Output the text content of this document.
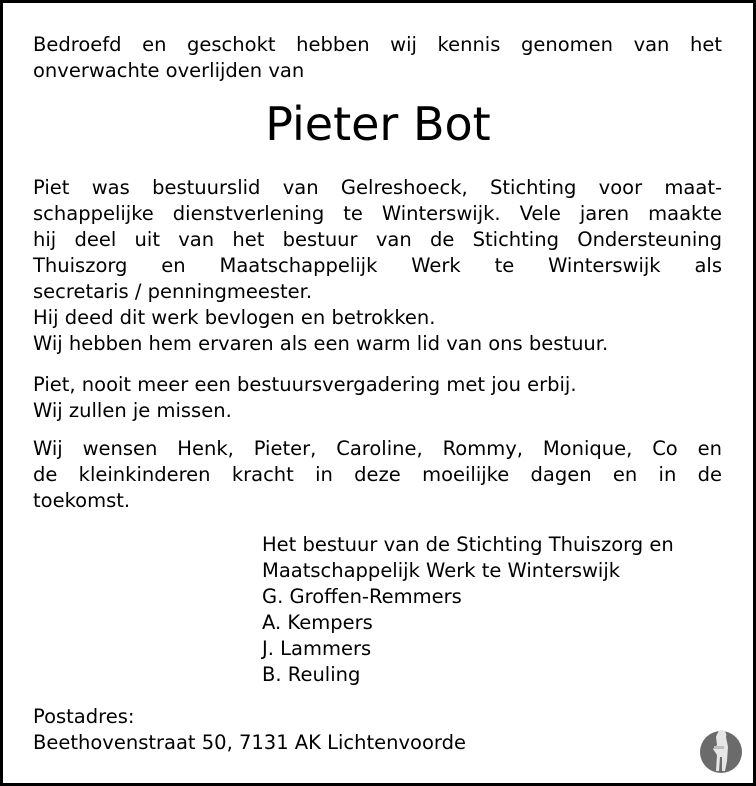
Bedroefd en geschokt hebben wij kennis genomen van het
onverwachte overlijden van
Pieter Bot
Piet was bestuurslid van Gelreshoeck, Stichting voor maat-
schappelijke dienstverlening te Winterswijk. Vele jaren maakte
hij deel uit van het bestuur van de Stichting Ondersteuning
Thuiszorg en Maatschappelijk Werk te Winterswijk als
secretaris / penningmeester.
Hij deed dit werk bevlogen en betrokken.
Wij hebben hem ervaren als een warm lid van ons bestuur.
Piet, nooit meer een bestuursvergadering met jou erbij.
Wij zullen je missen.
Wij wensen Henk, Pieter, Caroline, Rommy, Monique, Co en
de kleinkinderen kracht in deze moeilijke dagen en in de
toekomst.
Het bestuur van de Stichting Thuiszorg en
Maatschappelijk Werk te Winterswijk
G. Groffen-Remmers
A. Kempers
J. Lammers
B. Reuling
Postadres:
Beethovenstraat 50, 7131 AK Lichtenvoorde
